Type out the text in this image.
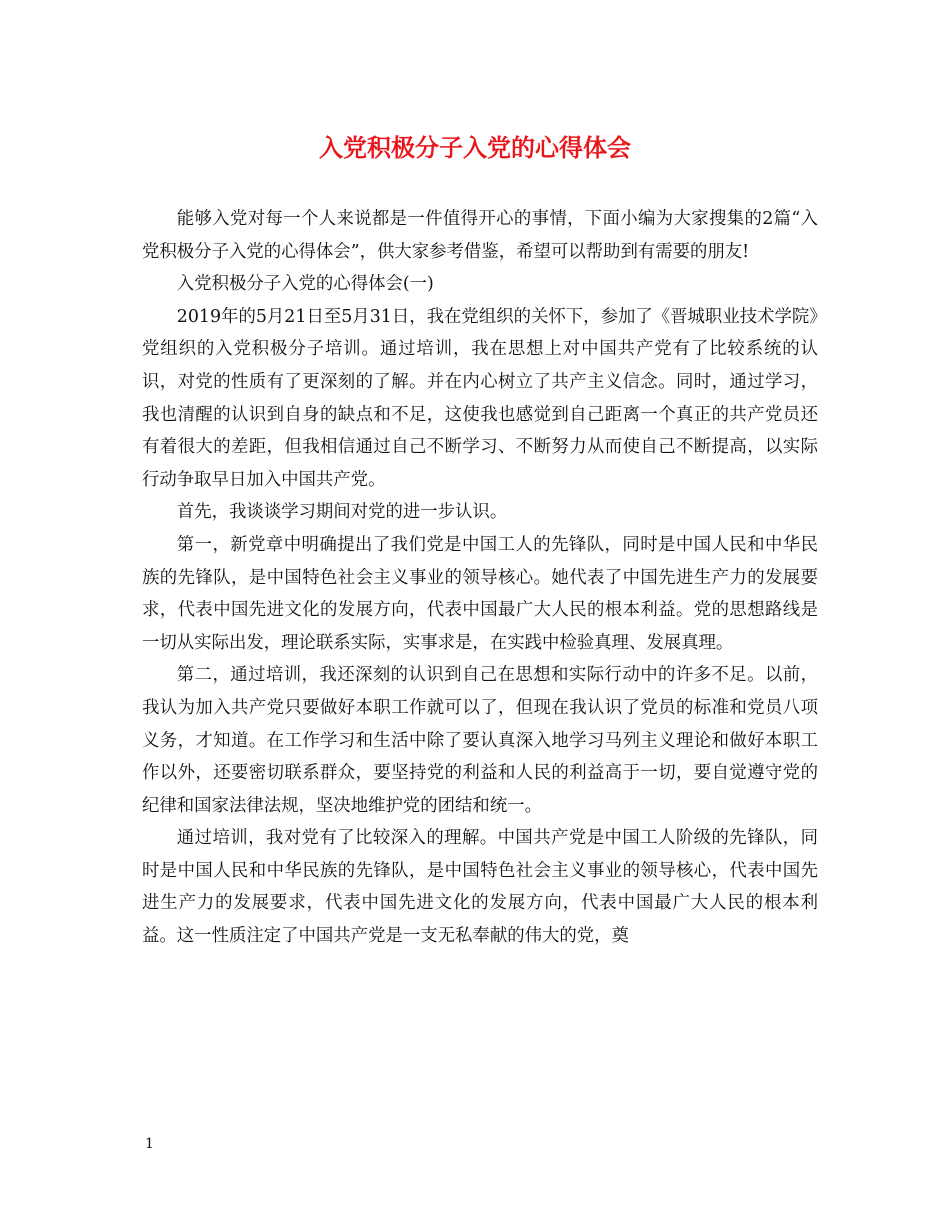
入党积极分子入党的心得体会

能够入党对每一个人来说都是一件值得开心的事情，下面小编为大家搜集的2篇“入党积极分子入党的心得体会”，供大家参考借鉴，希望可以帮助到有需要的朋友!

入党积极分子入党的心得体会(一)

2019年的5月21日至5月31日，我在党组织的关怀下，参加了《晋城职业技术学院》党组织的入党积极分子培训。通过培训，我在思想上对中国共产党有了比较系统的认识，对党的性质有了更深刻的了解。并在内心树立了共产主义信念。同时，通过学习，我也清醒的认识到自身的缺点和不足，这使我也感觉到自己距离一个真正的共产党员还有着很大的差距，但我相信通过自己不断学习、不断努力从而使自己不断提高，以实际行动争取早日加入中国共产党。

首先，我谈谈学习期间对党的进一步认识。

第一，新党章中明确提出了我们党是中国工人的先锋队，同时是中国人民和中华民族的先锋队，是中国特色社会主义事业的领导核心。她代表了中国先进生产力的发展要求，代表中国先进文化的发展方向，代表中国最广大人民的根本利益。党的思想路线是一切从实际出发，理论联系实际，实事求是，在实践中检验真理、发展真理。

第二，通过培训，我还深刻的认识到自己在思想和实际行动中的许多不足。以前，我认为加入共产党只要做好本职工作就可以了，但现在我认识了党员的标准和党员八项义务，才知道。在工作学习和生活中除了要认真深入地学习马列主义理论和做好本职工作以外，还要密切联系群众，要坚持党的利益和人民的利益高于一切，要自觉遵守党的纪律和国家法律法规，坚决地维护党的团结和统一。

通过培训，我对党有了比较深入的理解。中国共产党是中国工人阶级的先锋队，同时是中国人民和中华民族的先锋队，是中国特色社会主义事业的领导核心，代表中国先进生产力的发展要求，代表中国先进文化的发展方向，代表中国最广大人民的根本利益。这一性质注定了中国共产党是一支无私奉献的伟大的党，奠

1
